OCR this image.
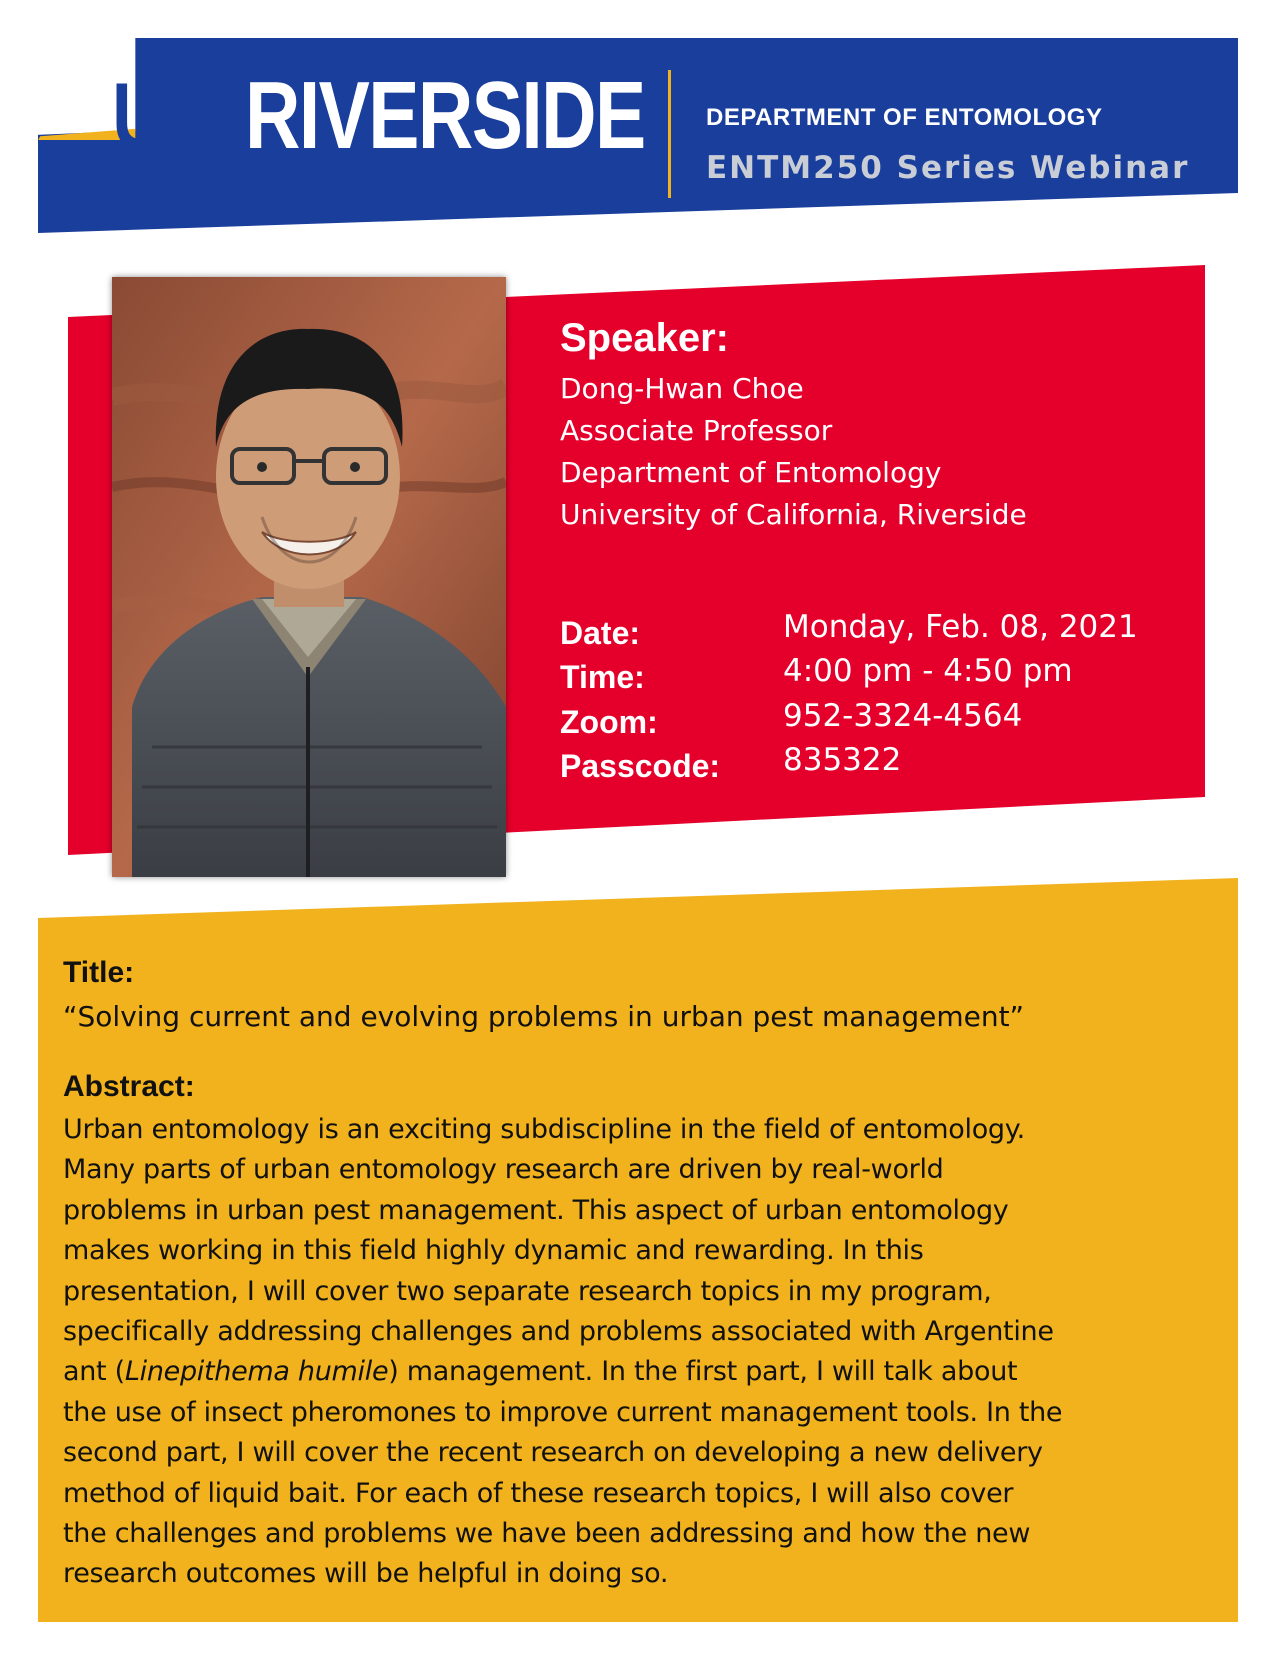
UC RIVERSIDE	DEPARTMENT OF ENTOMOLOGY
ENTM250 Series Webinar
Speaker:
Dong-Hwan Choe
Associate Professor
Department of Entomology
University of California, Riverside
Date:	Monday, Feb. 08, 2021
Time:	4:00 pm - 4:50 pm
Zoom:	952-3324-4564
Passcode: 835322
Title:
“Solving current and evolving problems in urban pest management”
Abstract:
Urban entomology is an exciting subdiscipline in the field of entomology.
Many parts of urban entomology research are driven by real-world
problems in urban pest management. This aspect of urban entomology
makes working in this field highly dynamic and rewarding. In this
presentation, I will cover two separate research topics in my program,
specifically addressing challenges and problems associated with Argentine
ant (Linepithema humile) management. In the first part, I will talk about
the use of insect pheromones to improve current management tools. In the
second part, I will cover the recent research on developing a new delivery
method of liquid bait. For each of these research topics, I will also cover
the challenges and problems we have been addressing and how the new
research outcomes will be helpful in doing so.
